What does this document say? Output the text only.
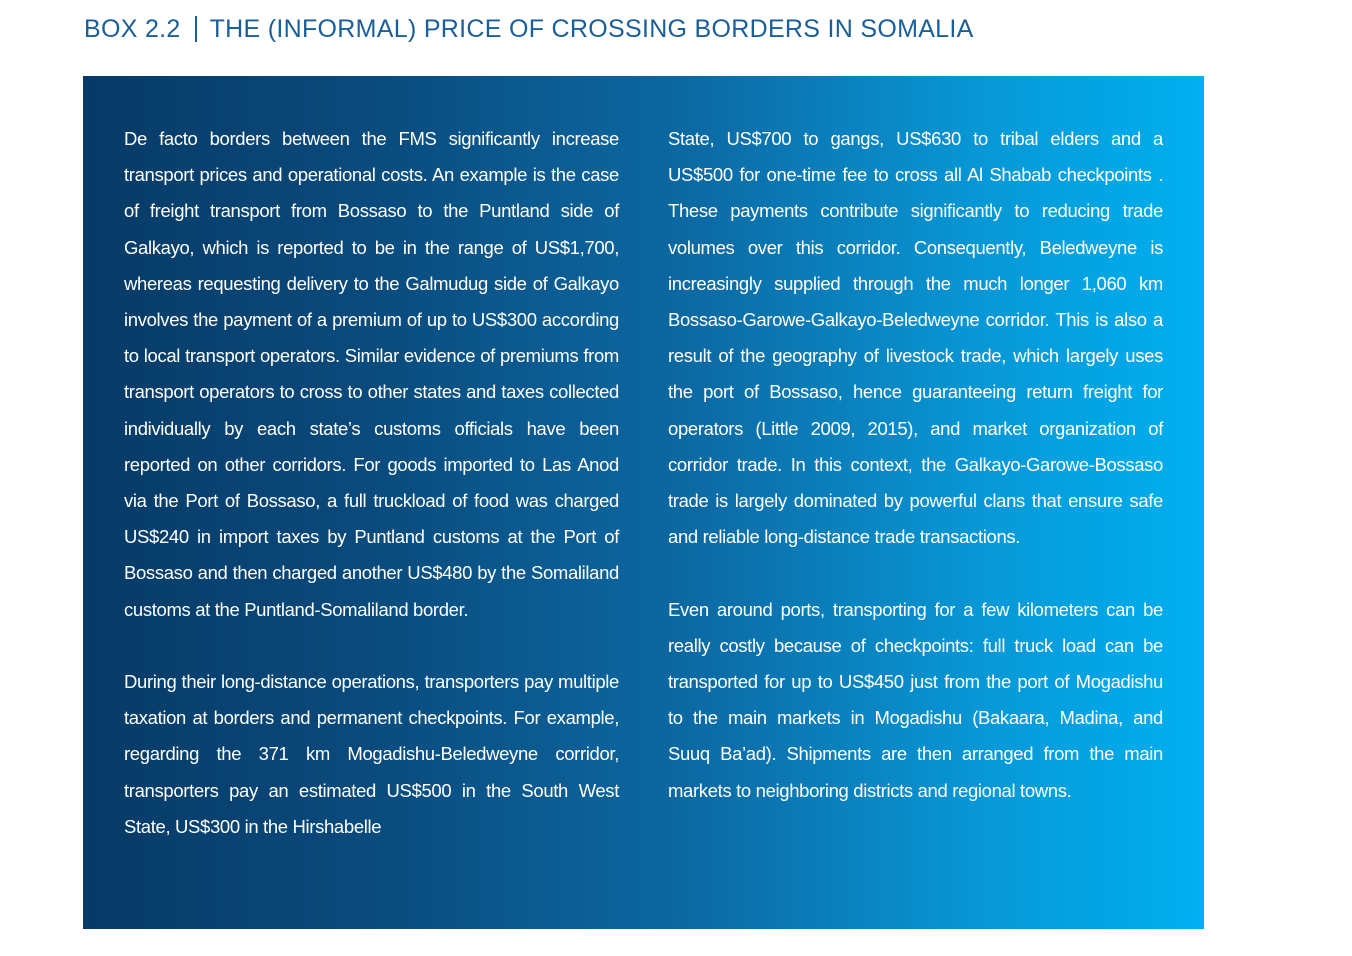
BOX 2.2 THE (INFORMAL) PRICE OF CROSSING BORDERS IN SOMALIA

De facto borders between the FMS significantly increase transport prices and operational costs. An example is the case of freight transport from Bossaso to the Puntland side of Galkayo, which is reported to be in the range of US$1,700, whereas requesting delivery to the Galmudug side of Galkayo involves the payment of a premium of up to US$300 according to local transport operators. Similar evidence of premiums from transport operators to cross to other states and taxes collected individually by each state’s customs officials have been reported on other corridors. For goods imported to Las Anod via the Port of Bossaso, a full truckload of food was charged US$240 in import taxes by Puntland customs at the Port of Bossaso and then charged another US$480 by the Somaliland customs at the Puntland-Somaliland border.

During their long-distance operations, transporters pay multiple taxation at borders and permanent checkpoints. For example, regarding the 371 km Mogadishu-Beledweyne corridor, transporters pay an estimated US$500 in the South West State, US$300 in the Hirshabelle

State, US$700 to gangs, US$630 to tribal elders and a US$500 for one-time fee to cross all Al Shabab checkpoints . These payments contribute significantly to reducing trade volumes over this corridor. Consequently, Beledweyne is increasingly supplied through the much longer 1,060 km Bossaso-Garowe-Galkayo-Beledweyne corridor. This is also a result of the geography of livestock trade, which largely uses the port of Bossaso, hence guaranteeing return freight for operators (Little 2009, 2015), and market organization of corridor trade. In this context, the Galkayo-Garowe-Bossaso trade is largely dominated by powerful clans that ensure safe and reliable long-distance trade transactions.

Even around ports, transporting for a few kilometers can be really costly because of checkpoints: full truck load can be transported for up to US$450 just from the port of Mogadishu to the main markets in Mogadishu (Bakaara, Madina, and Suuq Ba’ad). Shipments are then arranged from the main markets to neighboring districts and regional towns.
